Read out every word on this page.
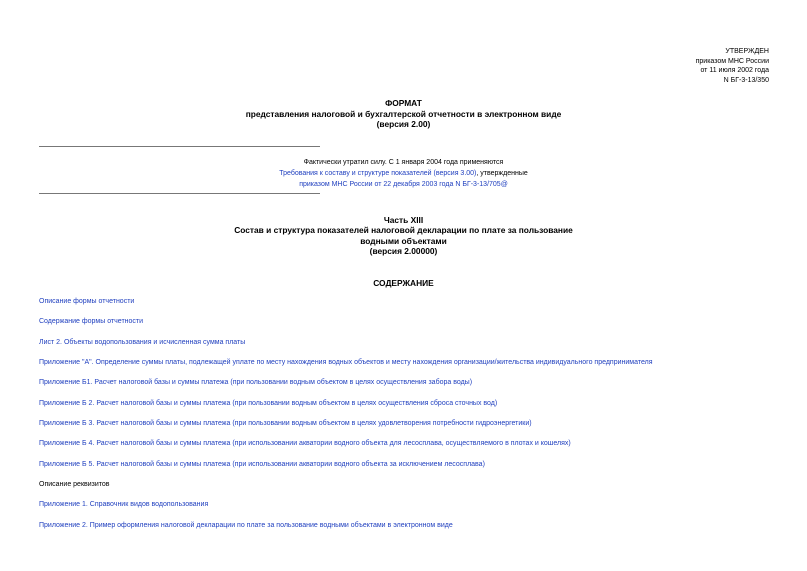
УТВЕРЖДЕН
приказом МНС России
от 11 июля 2002 года
N БГ-3-13/350
ФОРМАТ
представления налоговой и бухгалтерской отчетности в электронном виде
(версия 2.00)
Фактически утратил силу. С 1 января 2004 года применяются
Требования к составу и структуре показателей (версия 3.00), утвержденные
приказом МНС России от 22 декабря 2003 года N БГ-3-13/705@
Часть XIII
Состав и структура показателей налоговой декларации по плате за пользование
водными объектами
(версия 2.00000)
СОДЕРЖАНИЕ
Описание формы отчетности
Содержание формы отчетности
Лист 2. Объекты водопользования и исчисленная сумма платы
Приложение "А". Определение суммы платы, подлежащей уплате по месту нахождения водных объектов и месту нахождения организации/жительства индивидуального предпринимателя
Приложение Б1. Расчет налоговой базы и суммы платежа (при пользовании водным объектом в целях осуществления забора воды)
Приложение Б 2. Расчет налоговой базы и суммы платежа (при пользовании водным объектом в целях осуществления сброса сточных вод)
Приложение Б 3. Расчет налоговой базы и суммы платежа (при пользовании водным объектом в целях удовлетворения потребности гидроэнергетики)
Приложение Б 4. Расчет налоговой базы и суммы платежа (при использовании акватории водного объекта для лесосплава, осуществляемого в плотах и кошелях)
Приложение Б 5. Расчет налоговой базы и суммы платежа (при использовании акватории водного объекта за исключением лесосплава)
Описание реквизитов
Приложение 1. Справочник видов водопользования
Приложение 2. Пример оформления налоговой декларации по плате за пользование водными объектами в электронном виде
